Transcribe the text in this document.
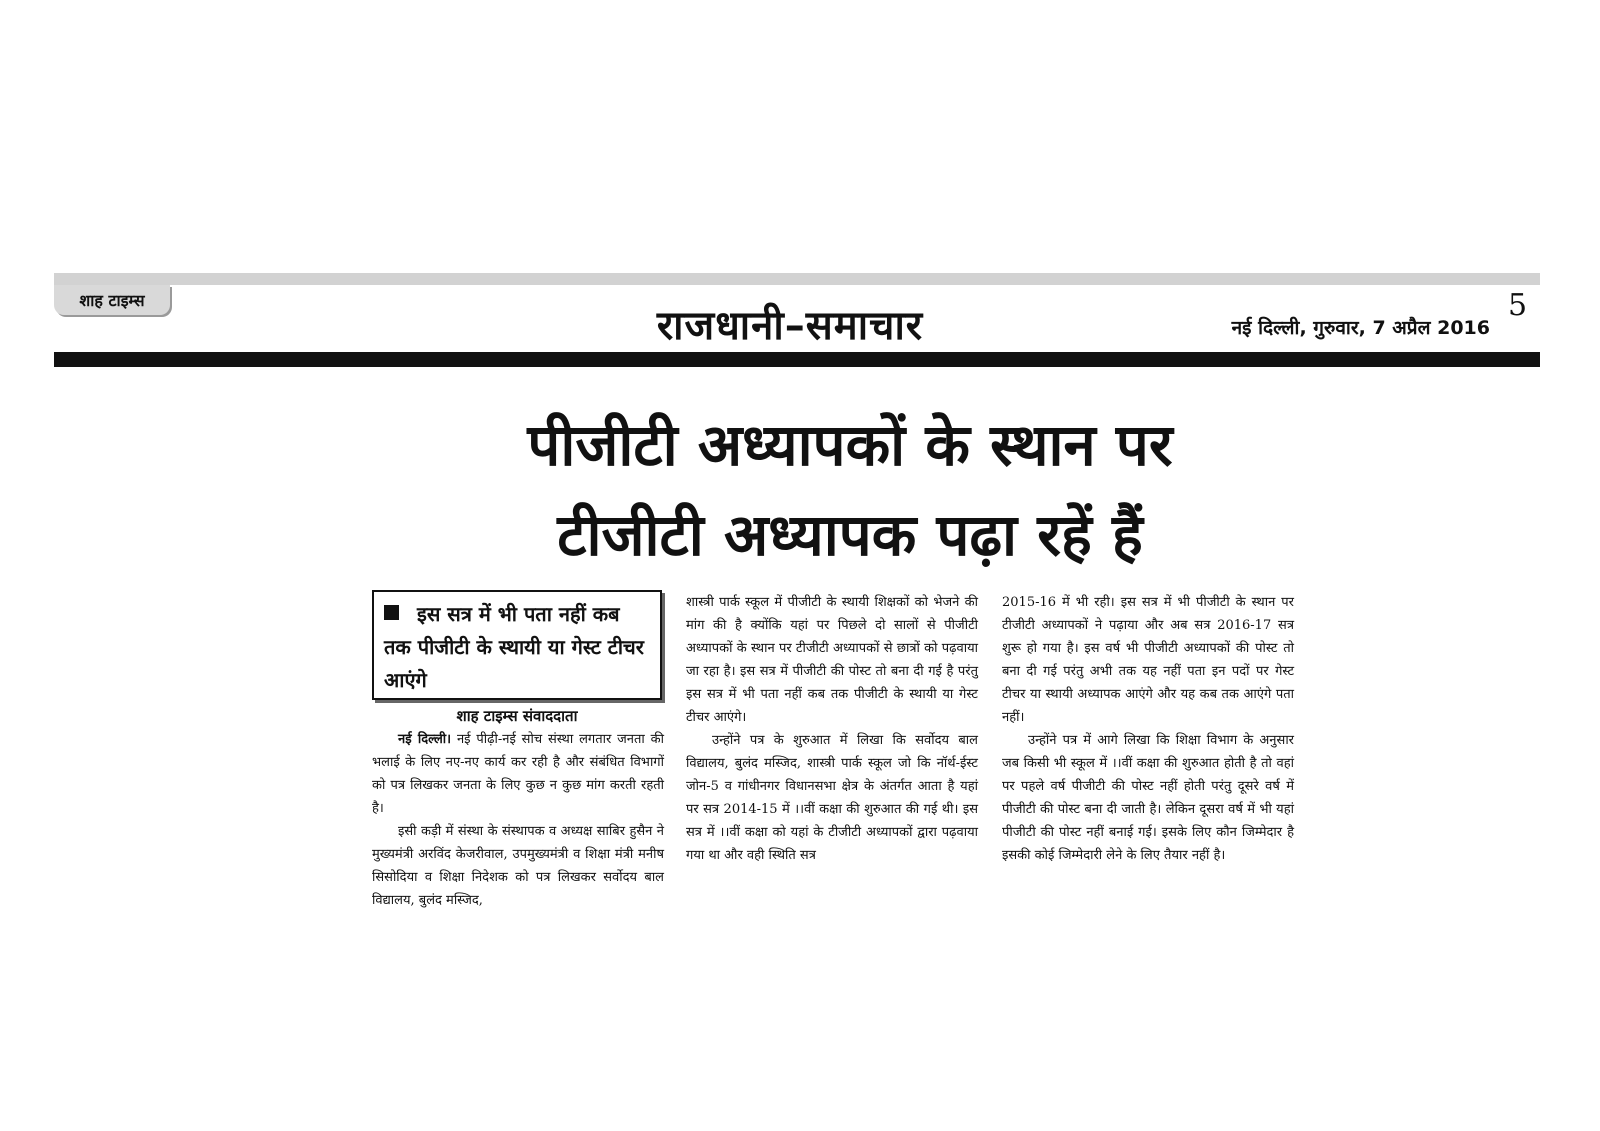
शाह टाइम्स
राजधानी–समाचार	नई दिल्ली, गुरुवार, 7 अप्रैल 2016
5
पीजीटी अध्यापकों के स्थान पर
टीजीटी अध्यापक पढ़ा रहें हैं
इस सत्र में भी पता नहीं कब तक पीजीटी के स्थायी या गेस्ट टीचर आएंगे
शाह टाइम्स संवाददाता

नई दिल्ली। नई पीढ़ी-नई सोच संस्था लगतार जनता की भलाई के लिए नए-नए कार्य कर रही है और संबंधित विभागों को पत्र लिखकर जनता के लिए कुछ न कुछ मांग करती रहती है।

इसी कड़ी में संस्था के संस्थापक व अध्यक्ष साबिर हुसैन ने मुख्यमंत्री अरविंद केजरीवाल, उपमुख्यमंत्री व शिक्षा मंत्री मनीष सिसोदिया व शिक्षा निदेशक को पत्र लिखकर सर्वोदय बाल विद्यालय, बुलंद मस्जिद,

शास्त्री पार्क स्कूल में पीजीटी के स्थायी शिक्षकों को भेजने की मांग की है क्योंकि यहां पर पिछले दो सालों से पीजीटी अध्यापकों के स्थान पर टीजीटी अध्यापकों से छात्रों को पढ़वाया जा रहा है। इस सत्र में पीजीटी की पोस्ट तो बना दी गई है परंतु इस सत्र में भी पता नहीं कब तक पीजीटी के स्थायी या गेस्ट टीचर आएंगे।

उन्होंने पत्र के शुरुआत में लिखा कि सर्वोदय बाल विद्यालय, बुलंद मस्जिद, शास्त्री पार्क स्कूल जो कि नॉर्थ-ईस्ट जोन-5 व गांधीनगर विधानसभा क्षेत्र के अंतर्गत आता है यहां पर सत्र 2014-15 में ।।वीं कक्षा की शुरुआत की गई थी। इस सत्र में ।।वीं कक्षा को यहां के टीजीटी अध्यापकों द्वारा पढ़वाया गया था और वही स्थिति सत्र

2015-16 में भी रही। इस सत्र में भी पीजीटी के स्थान पर टीजीटी अध्यापकों ने पढ़ाया और अब सत्र 2016-17 सत्र शुरू हो गया है। इस वर्ष भी पीजीटी अध्यापकों की पोस्ट तो बना दी गई परंतु अभी तक यह नहीं पता इन पदों पर गेस्ट टीचर या स्थायी अध्यापक आएंगे और यह कब तक आएंगे पता नहीं।

उन्होंने पत्र में आगे लिखा कि शिक्षा विभाग के अनुसार जब किसी भी स्कूल में ।।वीं कक्षा की शुरुआत होती है तो वहां पर पहले वर्ष पीजीटी की पोस्ट नहीं होती परंतु दूसरे वर्ष में पीजीटी की पोस्ट बना दी जाती है। लेकिन दूसरा वर्ष में भी यहां पीजीटी की पोस्ट नहीं बनाई गई। इसके लिए कौन जिम्मेदार है इसकी कोई जिम्मेदारी लेने के लिए तैयार नहीं है।
